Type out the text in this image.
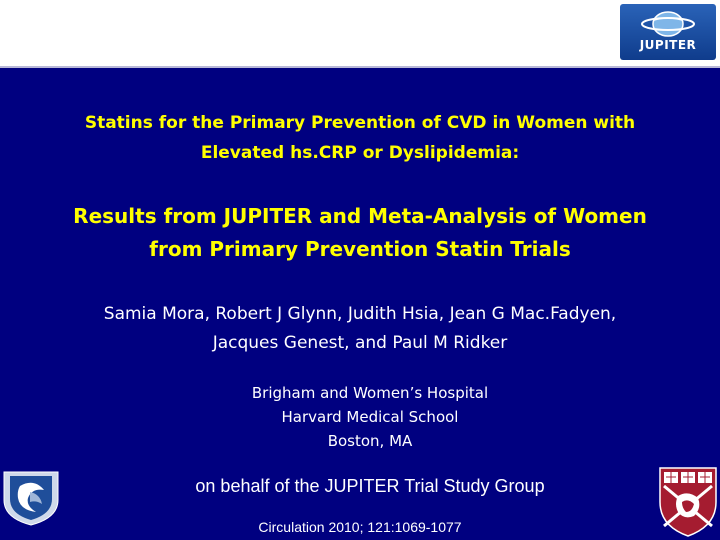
JUPITER
Statins for the Primary Prevention of CVD in Women with
Elevated hs.CRP or Dyslipidemia:
Results from JUPITER and Meta-Analysis of Women
from Primary Prevention Statin Trials
Samia Mora, Robert J Glynn, Judith Hsia, Jean G Mac.Fadyen,
Jacques Genest, and Paul M Ridker
Brigham and Women’s Hospital
Harvard Medical School
Boston, MA
on behalf of the JUPITER Trial Study Group
Circulation 2010; 121:1069-1077
